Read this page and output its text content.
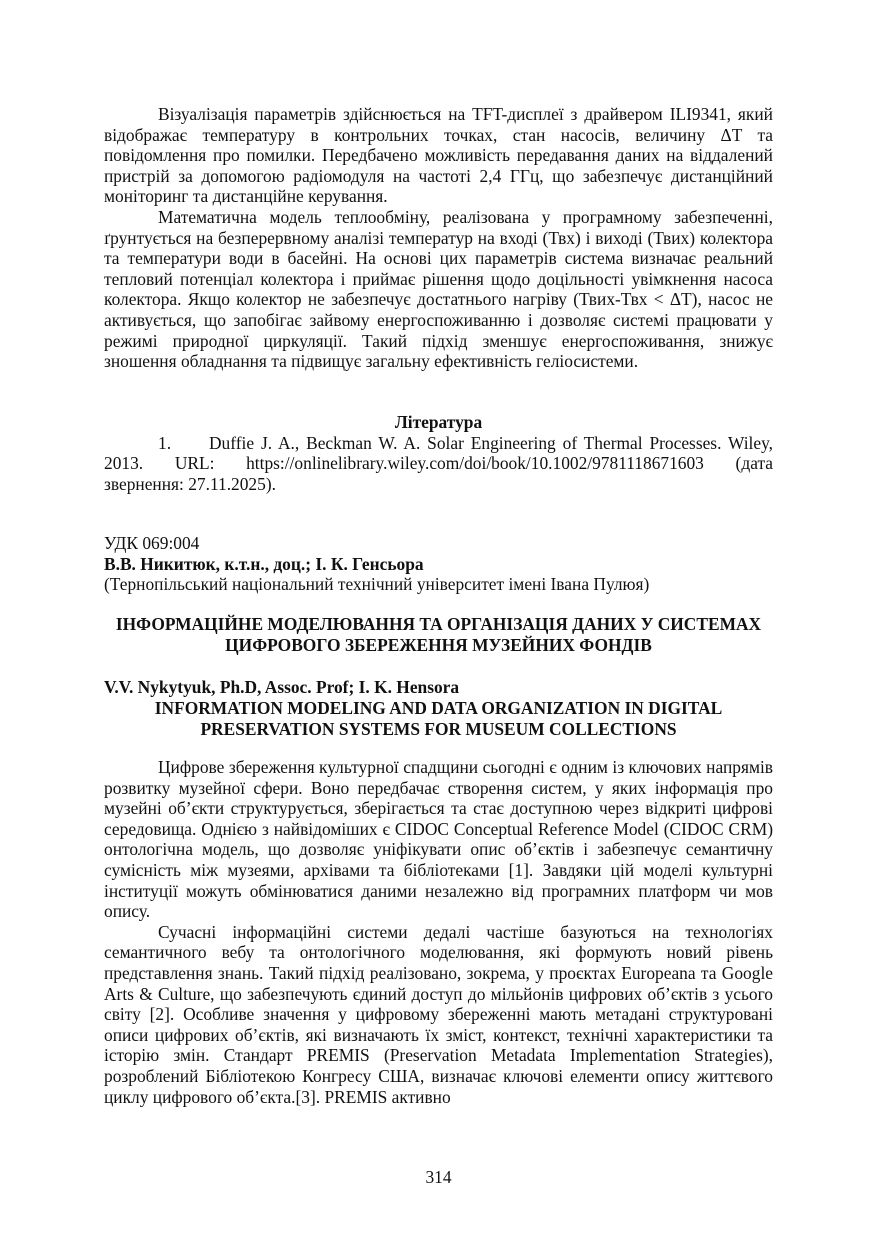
Візуалізація параметрів здійснюється на TFT-дисплеї з драйвером ILI9341, який відображає температуру в контрольних точках, стан насосів, величину ΔT та повідомлення про помилки. Передбачено можливість передавання даних на віддалений пристрій за допомогою радіомодуля на частоті 2,4 ГГц, що забезпечує дистанційний моніторинг та дистанційне керування.

Математична модель теплообміну, реалізована у програмному забезпеченні, ґрунтується на безперервному аналізі температур на вході (Твх) і виході (Твих) колектора та температури води в басейні. На основі цих параметрів система визначає реальний тепловий потенціал колектора і приймає рішення щодо доцільності увімкнення насоса колектора. Якщо колектор не забезпечує достатнього нагріву (Твих-Твх < ΔT), насос не активується, що запобігає зайвому енергоспоживанню і дозволяє системі працювати у режимі природної циркуляції. Такий підхід зменшує енергоспоживання, знижує зношення обладнання та підвищує загальну ефективність геліосистеми.

Література

1. Duffie J. A., Beckman W. A. Solar Engineering of Thermal Processes. Wiley, 2013. URL: https://onlinelibrary.wiley.com/doi/book/10.1002/9781118671603 (дата звернення: 27.11.2025).

УДК 069:004
В.В. Никитюк, к.т.н., доц.; І. К. Генсьора
(Тернопільський національний технічний університет імені Івана Пулюя)
ІНФОРМАЦІЙНЕ МОДЕЛЮВАННЯ ТА ОРГАНІЗАЦІЯ ДАНИХ У СИСТЕМАХ
ЦИФРОВОГО ЗБЕРЕЖЕННЯ МУЗЕЙНИХ ФОНДІВ
V.V. Nykytyuk, Ph.D, Assoc. Prof; I. K. Hensora
INFORMATION MODELING AND DATA ORGANIZATION IN DIGITAL
PRESERVATION SYSTEMS FOR MUSEUM COLLECTIONS

Цифрове збереження культурної спадщини сьогодні є одним із ключових напрямів розвитку музейної сфери. Воно передбачає створення систем, у яких інформація про музейні об’єкти структурується, зберігається та стає доступною через відкриті цифрові середовища. Однією з найвідоміших є CIDOC Conceptual Reference Model (CIDOC CRM) онтологічна модель, що дозволяє уніфікувати опис об’єктів і забезпечує семантичну сумісність між музеями, архівами та бібліотеками [1]. Завдяки цій моделі культурні інституції можуть обмінюватися даними незалежно від програмних платформ чи мов опису.

Сучасні інформаційні системи дедалі частіше базуються на технологіях семантичного вебу та онтологічного моделювання, які формують новий рівень представлення знань. Такий підхід реалізовано, зокрема, у проєктах Europeana та Google Arts & Culture, що забезпечують єдиний доступ до мільйонів цифрових об’єктів з усього світу [2]. Особливе значення у цифровому збереженні мають метадані структуровані описи цифрових об’єктів, які визначають їх зміст, контекст, технічні характеристики та історію змін. Стандарт PREMIS (Preservation Metadata Implementation Strategies), розроблений Бібліотекою Конгресу США, визначає ключові елементи опису життєвого циклу цифрового об’єкта.[3]. PREMIS активно

314
